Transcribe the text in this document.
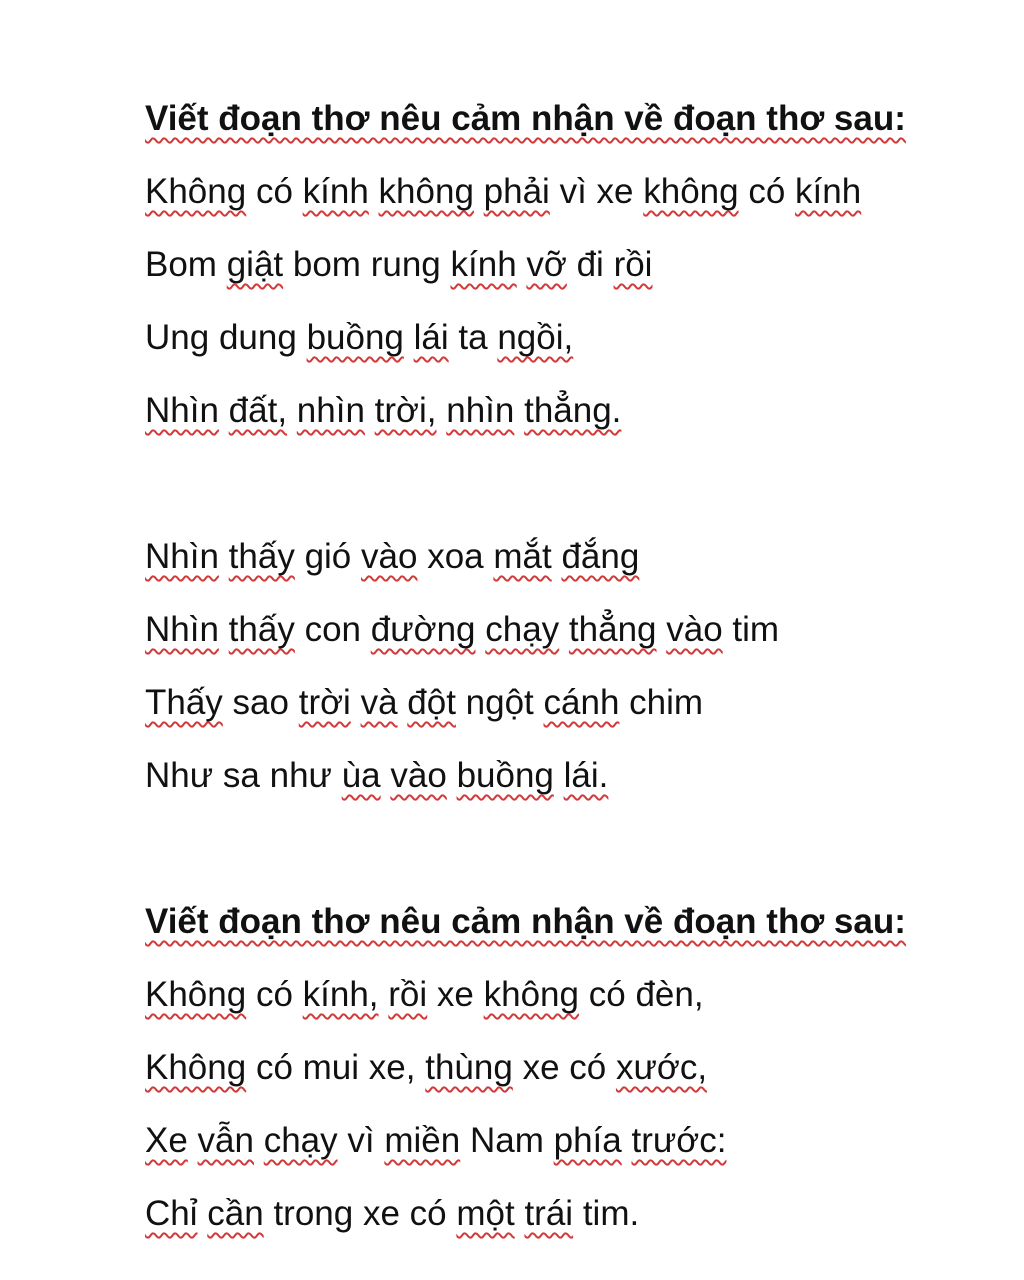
Viết đoạn thơ nêu cảm nhận về đoạn thơ sau:
Không có kính không phải vì xe không có kính
Bom giật bom rung kính vỡ đi rồi
Ung dung buồng lái ta ngồi,
Nhìn đất, nhìn trời, nhìn thẳng.
Nhìn thấy gió vào xoa mắt đắng
Nhìn thấy con đường chạy thẳng vào tim
Thấy sao trời và đột ngột cánh chim
Như sa như ùa vào buồng lái.
Viết đoạn thơ nêu cảm nhận về đoạn thơ sau:
Không có kính, rồi xe không có đèn,
Không có mui xe, thùng xe có xước,
Xe vẫn chạy vì miền Nam phía trước:
Chỉ cần trong xe có một trái tim.
